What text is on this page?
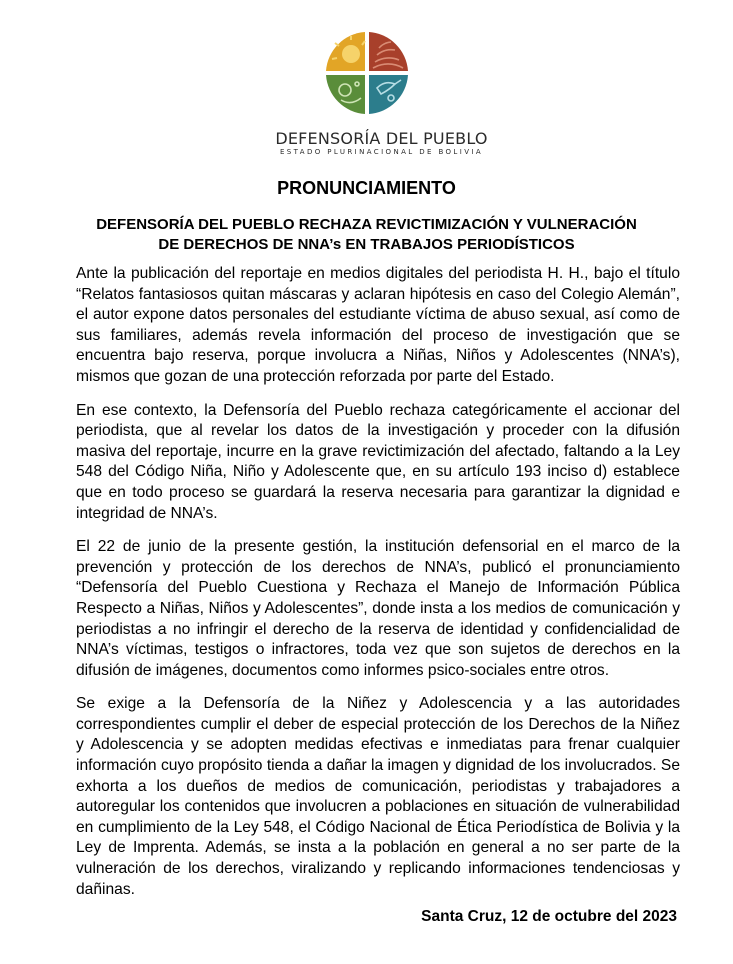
DEFENSORÍA DEL PUEBLO
ESTADO PLURINACIONAL DE BOLIVIA
PRONUNCIAMIENTO
DEFENSORÍA DEL PUEBLO RECHAZA REVICTIMIZACIÓN Y VULNERACIÓN
DE DERECHOS DE NNA’s EN TRABAJOS PERIODÍSTICOS

Ante la publicación del reportaje en medios digitales del periodista H. H., bajo el título “Relatos fantasiosos quitan máscaras y aclaran hipótesis en caso del Colegio Alemán”, el autor expone datos personales del estudiante víctima de abuso sexual, así como de sus familiares, además revela información del proceso de investigación que se encuentra bajo reserva, porque involucra a Niñas, Niños y Adolescentes (NNA’s), mismos que gozan de una protección reforzada por parte del Estado.

En ese contexto, la Defensoría del Pueblo rechaza categóricamente el accionar del periodista, que al revelar los datos de la investigación y proceder con la difusión masiva del reportaje, incurre en la grave revictimización del afectado, faltando a la Ley 548 del Código Niña, Niño y Adolescente que, en su artículo 193 inciso d) establece que en todo proceso se guardará la reserva necesaria para garantizar la dignidad e integridad de NNA’s.

El 22 de junio de la presente gestión, la institución defensorial en el marco de la prevención y protección de los derechos de NNA’s, publicó el pronunciamiento “Defensoría del Pueblo Cuestiona y Rechaza el Manejo de Información Pública Respecto a Niñas, Niños y Adolescentes”, donde insta a los medios de comunicación y periodistas a no infringir el derecho de la reserva de identidad y confidencialidad de NNA’s víctimas, testigos o infractores, toda vez que son sujetos de derechos en la difusión de imágenes, documentos como informes psico-sociales entre otros.

Se exige a la Defensoría de la Niñez y Adolescencia y a las autoridades correspondientes cumplir el deber de especial protección de los Derechos de la Niñez y Adolescencia y se adopten medidas efectivas e inmediatas para frenar cualquier información cuyo propósito tienda a dañar la imagen y dignidad de los involucrados. Se exhorta a los dueños de medios de comunicación, periodistas y trabajadores a autoregular los contenidos que involucren a poblaciones en situación de vulnerabilidad en cumplimiento de la Ley 548, el Código Nacional de Ética Periodística de Bolivia y la Ley de Imprenta. Además, se insta a la población en general a no ser parte de la vulneración de los derechos, viralizando y replicando informaciones tendenciosas y dañinas.

Santa Cruz, 12 de octubre del 2023
